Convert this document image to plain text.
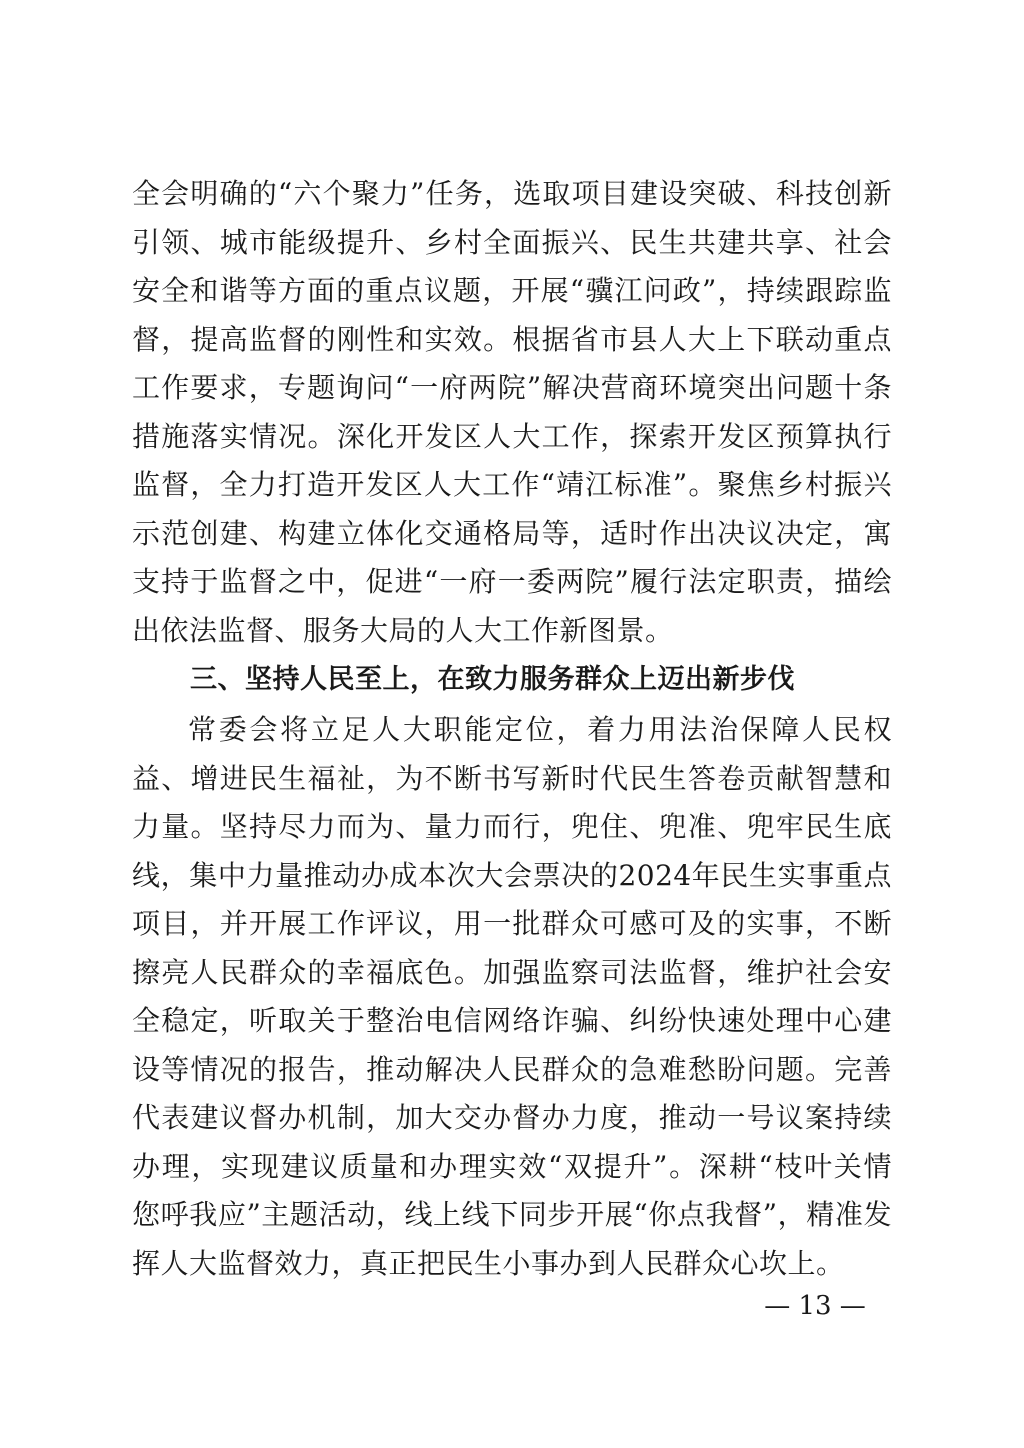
全会明确的“六个聚力”任务，选取项目建设突破、科技创新引领、城市能级提升、乡村全面振兴、民生共建共享、社会安全和谐等方面的重点议题，开展“骥江问政”，持续跟踪监督，提高监督的刚性和实效。根据省市县人大上下联动重点工作要求，专题询问“一府两院”解决营商环境突出问题十条措施落实情况。深化开发区人大工作，探索开发区预算执行监督，全力打造开发区人大工作“靖江标准”。聚焦乡村振兴示范创建、构建立体化交通格局等，适时作出决议决定，寓支持于监督之中，促进“一府一委两院”履行法定职责，描绘出依法监督、服务大局的人大工作新图景。

三、坚持人民至上，在致力服务群众上迈出新步伐

常委会将立足人大职能定位，着力用法治保障人民权益、增进民生福祉，为不断书写新时代民生答卷贡献智慧和力量。坚持尽力而为、量力而行，兜住、兜准、兜牢民生底线，集中力量推动办成本次大会票决的2024年民生实事重点项目，并开展工作评议，用一批群众可感可及的实事，不断擦亮人民群众的幸福底色。加强监察司法监督，维护社会安全稳定，听取关于整治电信网络诈骗、纠纷快速处理中心建设等情况的报告，推动解决人民群众的急难愁盼问题。完善代表建议督办机制，加大交办督办力度，推动一号议案持续办理，实现建议质量和办理实效“双提升”。深耕“枝叶关情　您呼我应”主题活动，线上线下同步开展“你点我督”，精准发挥人大监督效力，真正把民生小事办到人民群众心坎上。

— 13 —
